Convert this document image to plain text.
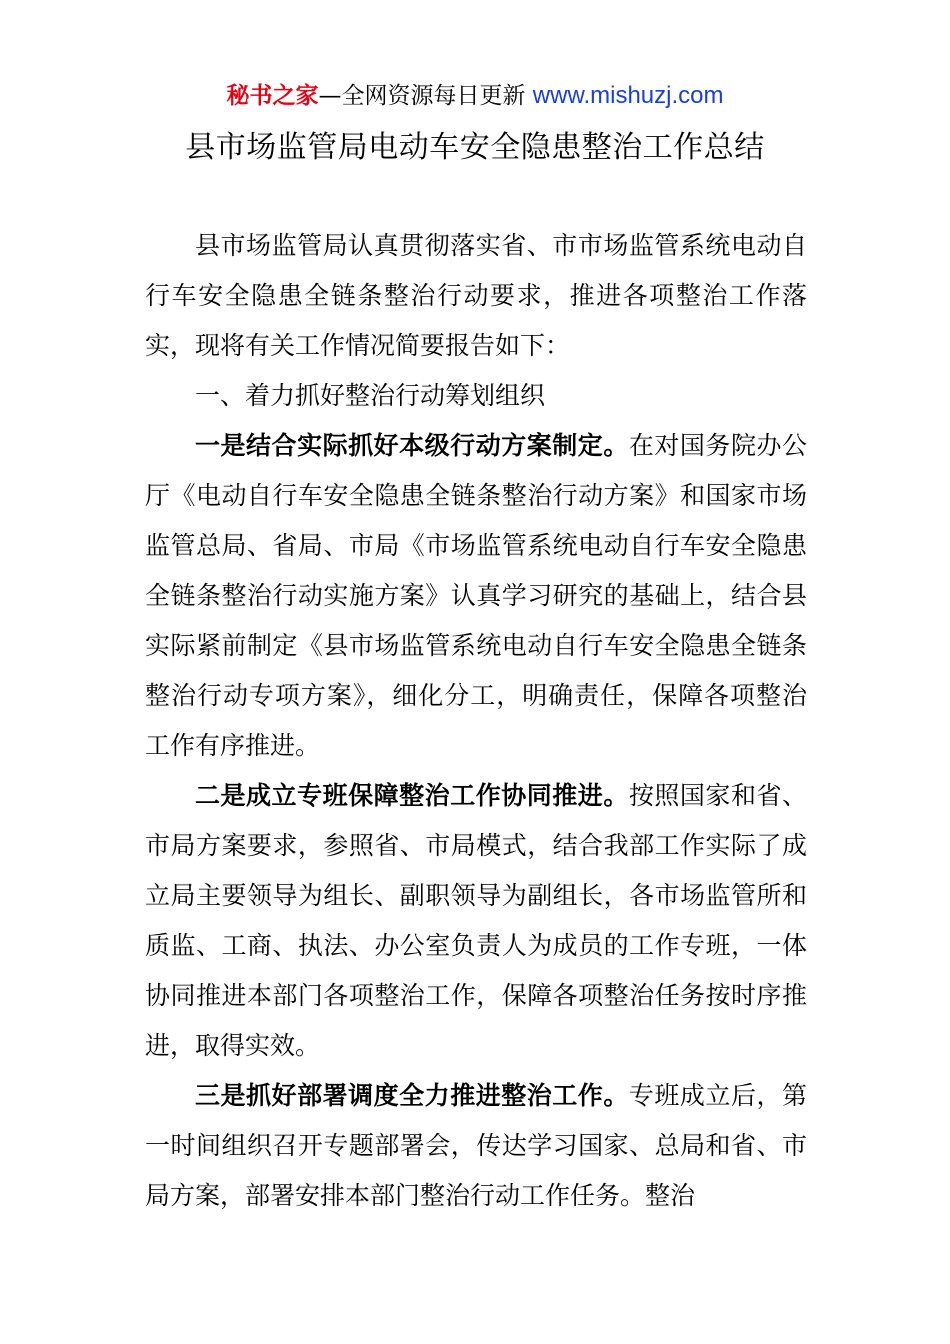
秘书之家—全网资源每日更新 www.mishuzj.com
县市场监管局电动车安全隐患整治工作总结

县市场监管局认真贯彻落实省、市市场监管系统电动自行车安全隐患全链条整治行动要求，推进各项整治工作落实，现将有关工作情况简要报告如下：

一、着力抓好整治行动筹划组织

一是结合实际抓好本级行动方案制定。在对国务院办公厅《电动自行车安全隐患全链条整治行动方案》和国家市场监管总局、省局、市局《市场监管系统电动自行车安全隐患全链条整治行动实施方案》认真学习研究的基础上，结合县实际紧前制定《县市场监管系统电动自行车安全隐患全链条整治行动专项方案》，细化分工，明确责任，保障各项整治工作有序推进。

二是成立专班保障整治工作协同推进。按照国家和省、市局方案要求，参照省、市局模式，结合我部工作实际了成立局主要领导为组长、副职领导为副组长，各市场监管所和质监、工商、执法、办公室负责人为成员的工作专班，一体协同推进本部门各项整治工作，保障各项整治任务按时序推进，取得实效。

三是抓好部署调度全力推进整治工作。专班成立后，第一时间组织召开专题部署会，传达学习国家、总局和省、市局方案，部署安排本部门整治行动工作任务。整治
